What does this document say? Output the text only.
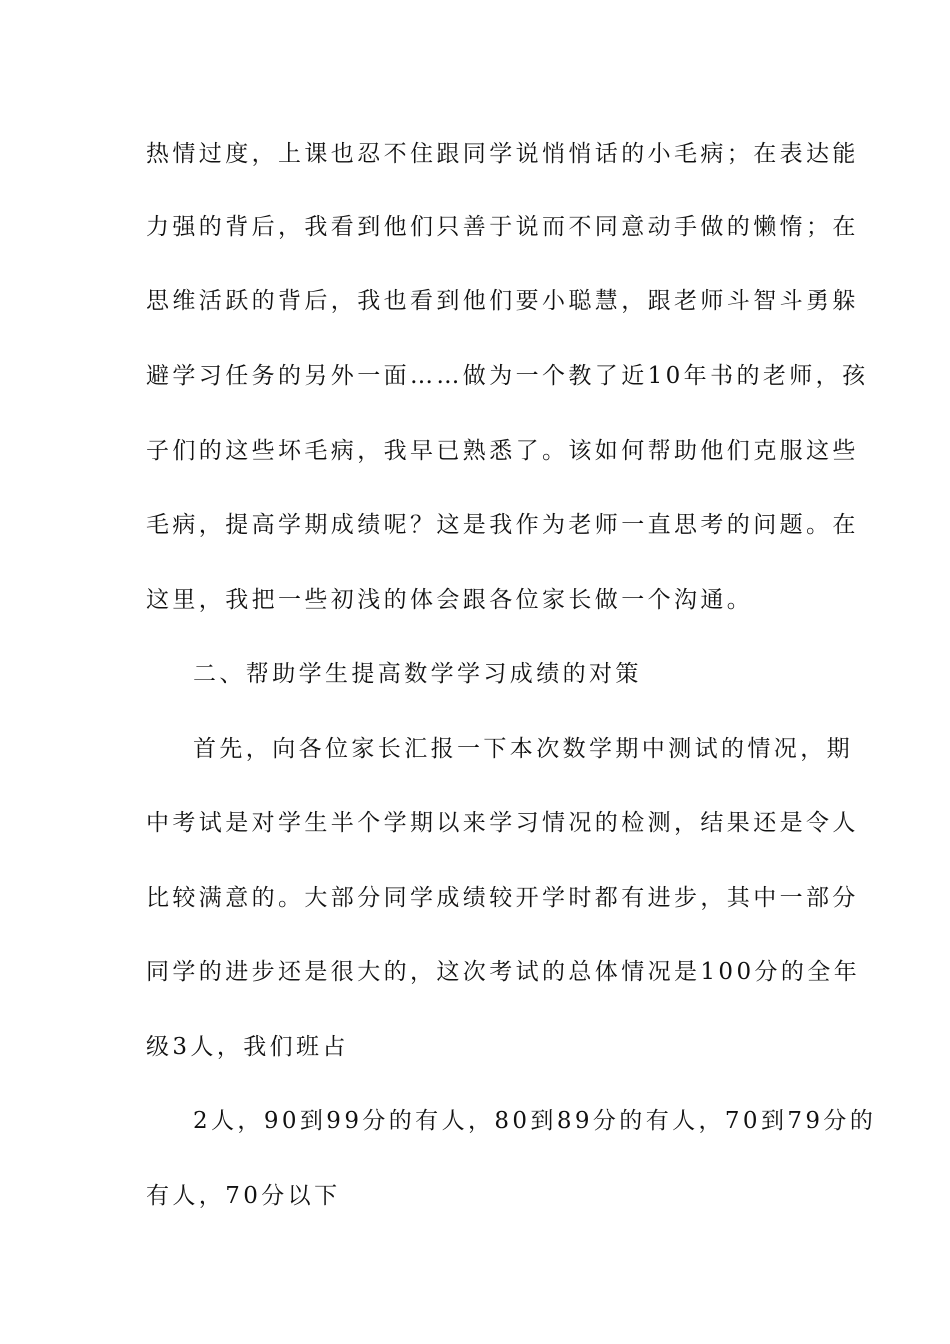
热情过度，上课也忍不住跟同学说悄悄话的小毛病；在表达能
力强的背后，我看到他们只善于说而不同意动手做的懒惰；在
思维活跃的背后，我也看到他们要小聪慧，跟老师斗智斗勇躲
避学习任务的另外一面……做为一个教了近10年书的老师，孩
子们的这些坏毛病，我早已熟悉了。该如何帮助他们克服这些
毛病，提高学期成绩呢？这是我作为老师一直思考的问题。在
这里，我把一些初浅的体会跟各位家长做一个沟通。
二、帮助学生提高数学学习成绩的对策
首先，向各位家长汇报一下本次数学期中测试的情况，期
中考试是对学生半个学期以来学习情况的检测，结果还是令人
比较满意的。大部分同学成绩较开学时都有进步，其中一部分
同学的进步还是很大的，这次考试的总体情况是100分的全年
级3人，我们班占
2人，90到99分的有人，80到89分的有人，70到79分的
有人，70分以下
